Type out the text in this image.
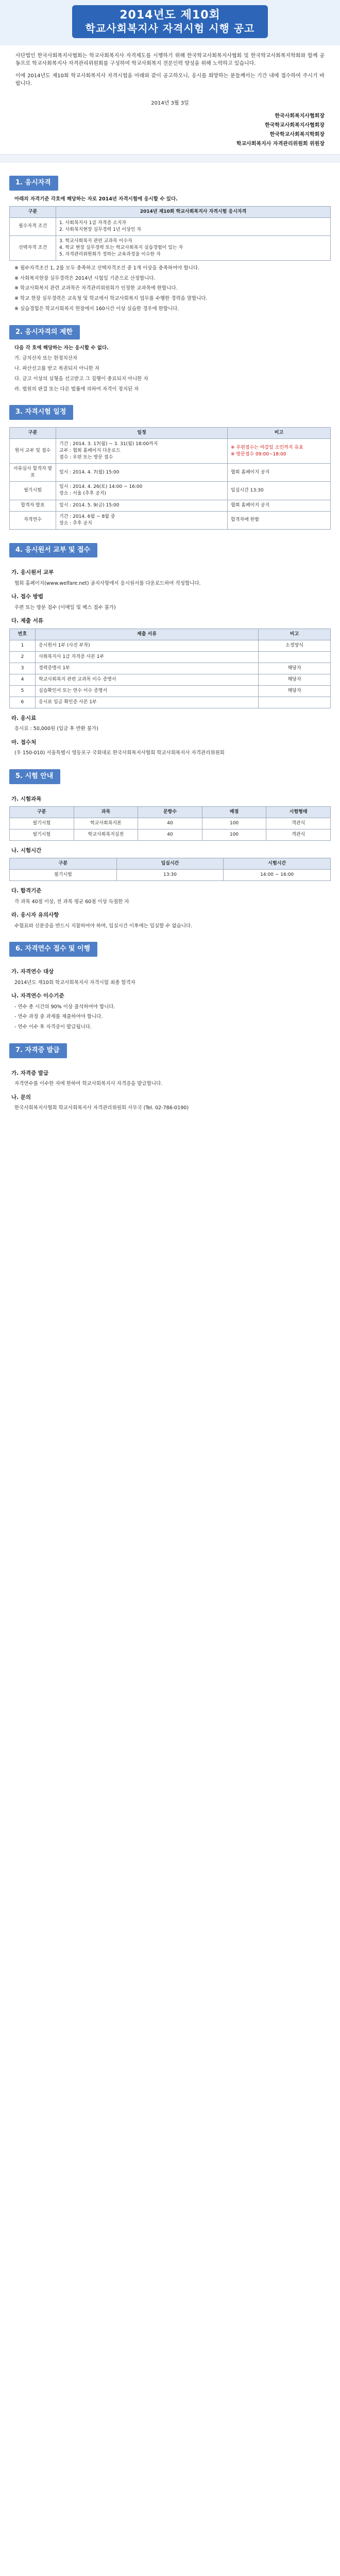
2014년도 제10회
학교사회복지사 자격시험 시행 공고

사단법인 한국사회복지사협회는 학교사회복지사 자격제도를 시행하기 위해 한국학교사회복지사협회 및 한국학교사회복지학회와 함께 공동으로 학교사회복지사 자격관리위원회를 구성하여 학교사회복지 전문인력 양성을 위해 노력하고 있습니다.

이에 2014년도 제10회 학교사회복지사 자격시험을 아래와 같이 공고하오니, 응시를 희망하는 분들께서는 기간 내에 접수하여 주시기 바랍니다.

2014년 3월 3일
한국사회복지사협회장
한국학교사회복지사협회장
한국학교사회복지학회장
학교사회복지사 자격관리위원회 위원장
1. 응시자격
아래의 자격기준 각호에 해당하는 자로 2014년 자격시험에 응시할 수 있다.
구분	2014년 제10회 학교사회복지사 자격시험 응시자격
필수자격 조건	1. 사회복지사 1급 자격증 소지자
2. 사회복지현장 실무경력 1년 이상인 자
선택자격 조건	3. 학교사회복지 관련 교과목 이수자
4. 학교 현장 실무경력 또는 학교사회복지 실습경험이 있는 자
5. 자격관리위원회가 정하는 교육과정을 이수한 자
※ 필수자격조건 1, 2를 모두 충족하고 선택자격조건 중 1개 이상을 충족하여야 합니다.
※ 사회복지현장 실무경력은 2014년 시험일 기준으로 산정합니다.
※ 학교사회복지 관련 교과목은 자격관리위원회가 인정한 교과목에 한합니다.
※ 학교 현장 실무경력은 교육청 및 학교에서 학교사회복지 업무를 수행한 경력을 말합니다.
※ 실습경험은 학교사회복지 현장에서 160시간 이상 실습한 경우에 한합니다.
2. 응시자격의 제한
다음 각 호에 해당하는 자는 응시할 수 없다.
가. 금치산자 또는 한정치산자
나. 파산선고를 받고 복권되지 아니한 자
다. 금고 이상의 실형을 선고받고 그 집행이 종료되지 아니한 자
라. 법원의 판결 또는 다른 법률에 의하여 자격이 정지된 자
3. 자격시험 일정
구분	일정	비고
원서 교부 및 접수	기간 : 2014. 3. 17(월) ~ 3. 31(월) 18:00까지
교부 : 협회 홈페이지 다운로드
접수 : 우편 또는 방문 접수	※ 우편접수는 마감일 소인까지 유효
※ 방문접수 09:00~18:00
서류심사 합격자 발표	일시 : 2014. 4. 7(월) 15:00	협회 홈페이지 공지
필기시험	일시 : 2014. 4. 26(토) 14:00 ~ 16:00
장소 : 서울 (추후 공지)	입실시간 13:30
합격자 발표	일시 : 2014. 5. 9(금) 15:00	협회 홈페이지 공지
자격연수	기간 : 2014. 6월 ~ 8월 중
장소 : 추후 공지	합격자에 한함
4. 응시원서 교부 및 접수
가. 응시원서 교부
협회 홈페이지(www.welfare.net) 공지사항에서 응시원서를 다운로드하여 작성합니다.
나. 접수 방법
우편 또는 방문 접수 (이메일 및 팩스 접수 불가)
다. 제출 서류
번호	제출 서류	비고
1	응시원서 1부 (사진 부착)	소정양식
2	사회복지사 1급 자격증 사본 1부	
3	경력증명서 1부	해당자
4	학교사회복지 관련 교과목 이수 증명서	해당자
5	실습확인서 또는 연수 이수 증명서	해당자
6	응시료 입금 확인증 사본 1부	
라. 응시료
응시료 : 50,000원 (입금 후 반환 불가)
마. 접수처
(우 150-010) 서울특별시 영등포구 국회대로 한국사회복지사협회 학교사회복지사 자격관리위원회
5. 시험 안내
가. 시험과목
구분	과목	문항수	배점	시험형태
필기시험	학교사회복지론	40	100	객관식
필기시험	학교사회복지실천	40	100	객관식
나. 시험시간
구분	입실시간	시험시간
필기시험	13:30	14:00 ~ 16:00
다. 합격기준
각 과목 40점 이상, 전 과목 평균 60점 이상 득점한 자
라. 응시자 유의사항
수험표와 신분증을 반드시 지참하여야 하며, 입실시간 이후에는 입실할 수 없습니다.
6. 자격연수 접수 및 이행
가. 자격연수 대상
2014년도 제10회 학교사회복지사 자격시험 최종 합격자
나. 자격연수 이수기준
- 연수 총 시간의 90% 이상 출석하여야 합니다.
- 연수 과정 중 과제를 제출하여야 합니다.
- 연수 이수 후 자격증이 발급됩니다.
7. 자격증 발급
가. 자격증 발급
자격연수를 이수한 자에 한하여 학교사회복지사 자격증을 발급합니다.
나. 문의
한국사회복지사협회 학교사회복지사 자격관리위원회 사무국 (Tel. 02-786-0190)
